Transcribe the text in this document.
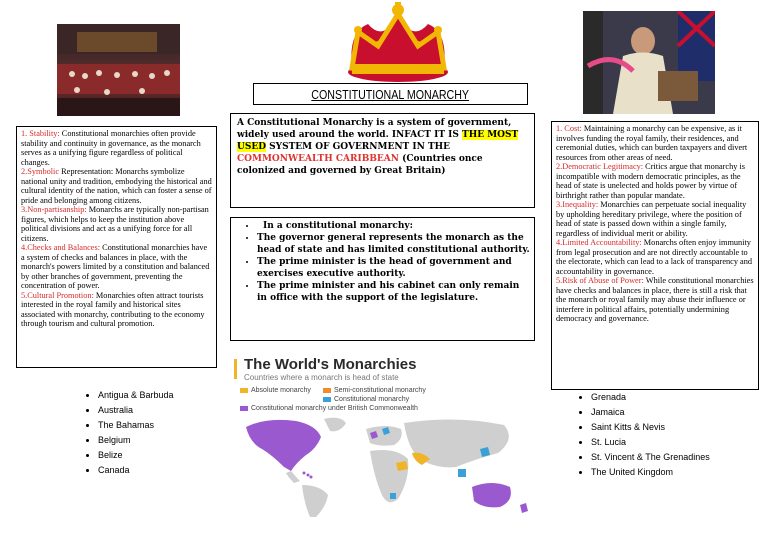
CONSTITUTIONAL MONARCHY

1. Stability: Constitutional monarchies often provide stability and continuity in governance, as the monarch serves as a unifying figure regardless of political changes.

2.Symbolic Representation: Monarchs symbolize national unity and tradition, embodying the historical and cultural identity of the nation, which can foster a sense of pride and belonging among citizens.

3.Non-partisanship: Monarchs are typically non-partisan figures, which helps to keep the institution above political divisions and act as a unifying force for all citizens.

4.Checks and Balances: Constitutional monarchies have a system of checks and balances in place, with the monarch's powers limited by a constitution and balanced by other branches of government, preventing the concentration of power.

5.Cultural Promotion: Monarchies often attract tourists interested in the royal family and historical sites associated with monarchy, contributing to the economy through tourism and cultural promotion.

A Constitutional Monarchy is a system of government, widely used around the world. INFACT IT IS THE MOST USED SYSTEM OF GOVERNMENT IN THE COMMONWEALTH CARIBBEAN (Countries once colonized and governed by Great Britain)
• In a constitutional monarchy:
• The governor general represents the monarch as the head of state and has limited constitutional authority.
• The prime minister is the head of government and exercises executive authority.
• The prime minister and his cabinet can only remain in office with the support of the legislature.

1. Cost: Maintaining a monarchy can be expensive, as it involves funding the royal family, their residences, and ceremonial duties, which can burden taxpayers and divert resources from other areas of need.

2.Democratic Legitimacy: Critics argue that monarchy is incompatible with modern democratic principles, as the head of state is unelected and holds power by virtue of birthright rather than popular mandate.

3.Inequality: Monarchies can perpetuate social inequality by upholding hereditary privilege, where the position of head of state is passed down within a single family, regardless of individual merit or ability.

4.Limited Accountability: Monarchs often enjoy immunity from legal prosecution and are not directly accountable to the electorate, which can lead to a lack of transparency and accountability in governance.

5.Risk of Abuse of Power: While constitutional monarchies have checks and balances in place, there is still a risk that the monarch or royal family may abuse their influence or interfere in political affairs, potentially undermining democracy and governance.

The World's Monarchies
Countries where a monarch is head of state
Absolute monarchy	Semi-constitutional monarchy
Constitutional monarchy
Constitutional monarchy under British Commonwealth
• Antigua & Barbuda
• Australia
• The Bahamas
• Belgium
• Belize
• Canada
• Grenada
• Jamaica
• Saint Kitts & Nevis
• St. Lucia
• St. Vincent & The Grenadines
• The United Kingdom
